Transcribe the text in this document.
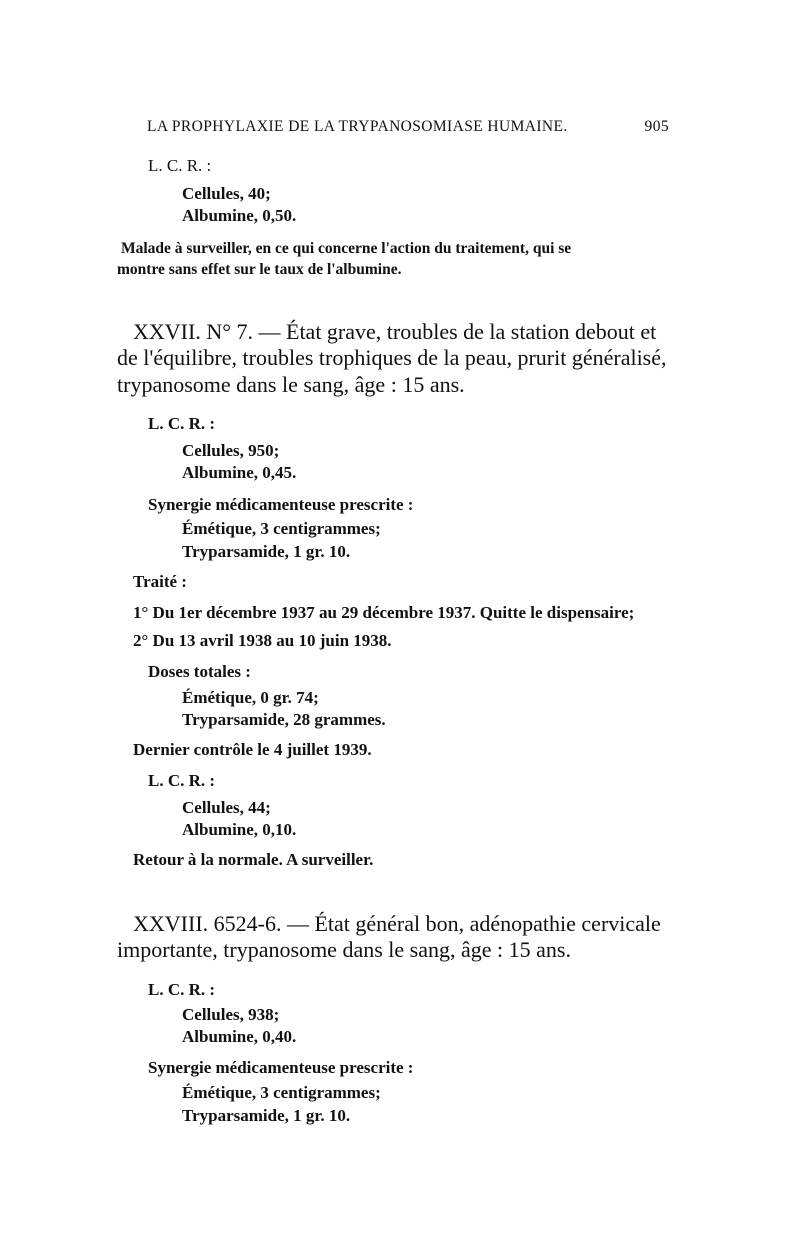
LA PROPHYLAXIE DE LA TRYPANOSOMIASE HUMAINE.	905
L. C. R. :
Cellules, 40;
Albumine, 0,50.
Malade à surveiller, en ce qui concerne l'action du traitement, qui se
montre sans effet sur le taux de l'albumine.
XXVII. N° 7. — État grave, troubles de la station debout et
de l'équilibre, troubles trophiques de la peau, prurit généralisé,
trypanosome dans le sang, âge : 15 ans.
L. C. R. :
Cellules, 950;
Albumine, 0,45.
Synergie médicamenteuse prescrite :
Émétique, 3 centigrammes;
Tryparsamide, 1 gr. 10.
Traité :
1° Du 1er décembre 1937 au 29 décembre 1937. Quitte le dispensaire;
2° Du 13 avril 1938 au 10 juin 1938.
Doses totales :
Émétique, 0 gr. 74;
Tryparsamide, 28 grammes.
Dernier contrôle le 4 juillet 1939.
L. C. R. :
Cellules, 44;
Albumine, 0,10.
Retour à la normale. A surveiller.
XXVIII. 6524-6. — État général bon, adénopathie cervicale
importante, trypanosome dans le sang, âge : 15 ans.
L. C. R. :
Cellules, 938;
Albumine, 0,40.
Synergie médicamenteuse prescrite :
Émétique, 3 centigrammes;
Tryparsamide, 1 gr. 10.
